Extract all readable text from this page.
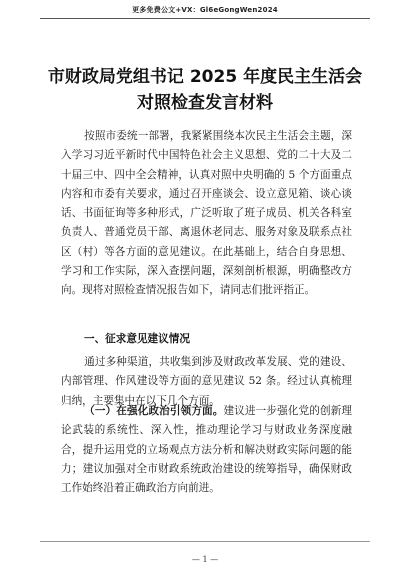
更多免费公文+VX：Gl6eGongWen2024
市财政局党组书记 2025 年度民主生活会
对照检查发言材料
按照市委统一部署，我紧紧围绕本次民主生活会主题，深入学习习近平新时代中国特色社会主义思想、党的二十大及二十届三中、四中全会精神，认真对照中央明确的 5 个方面重点内容和市委有关要求，通过召开座谈会、设立意见箱、谈心谈话、书面征询等多种形式，广泛听取了班子成员、机关各科室负责人、普通党员干部、离退休老同志、服务对象及联系点社区（村）等各方面的意见建议。在此基础上，结合自身思想、学习和工作实际，深入查摆问题，深刻剖析根源，明确整改方向。现将对照检查情况报告如下，请同志们批评指正。
一、征求意见建议情况
通过多种渠道，共收集到涉及财政改革发展、党的建设、内部管理、作风建设等方面的意见建议 52 条。经过认真梳理归纳，主要集中在以下几个方面。
（一）在强化政治引领方面。建议进一步强化党的创新理论武装的系统性、深入性，推动理论学习与财政业务深度融合，提升运用党的立场观点方法分析和解决财政实际问题的能力；建议加强对全市财政系统政治建设的统筹指导，确保财政工作始终沿着正确政治方向前进。
— 1 —
